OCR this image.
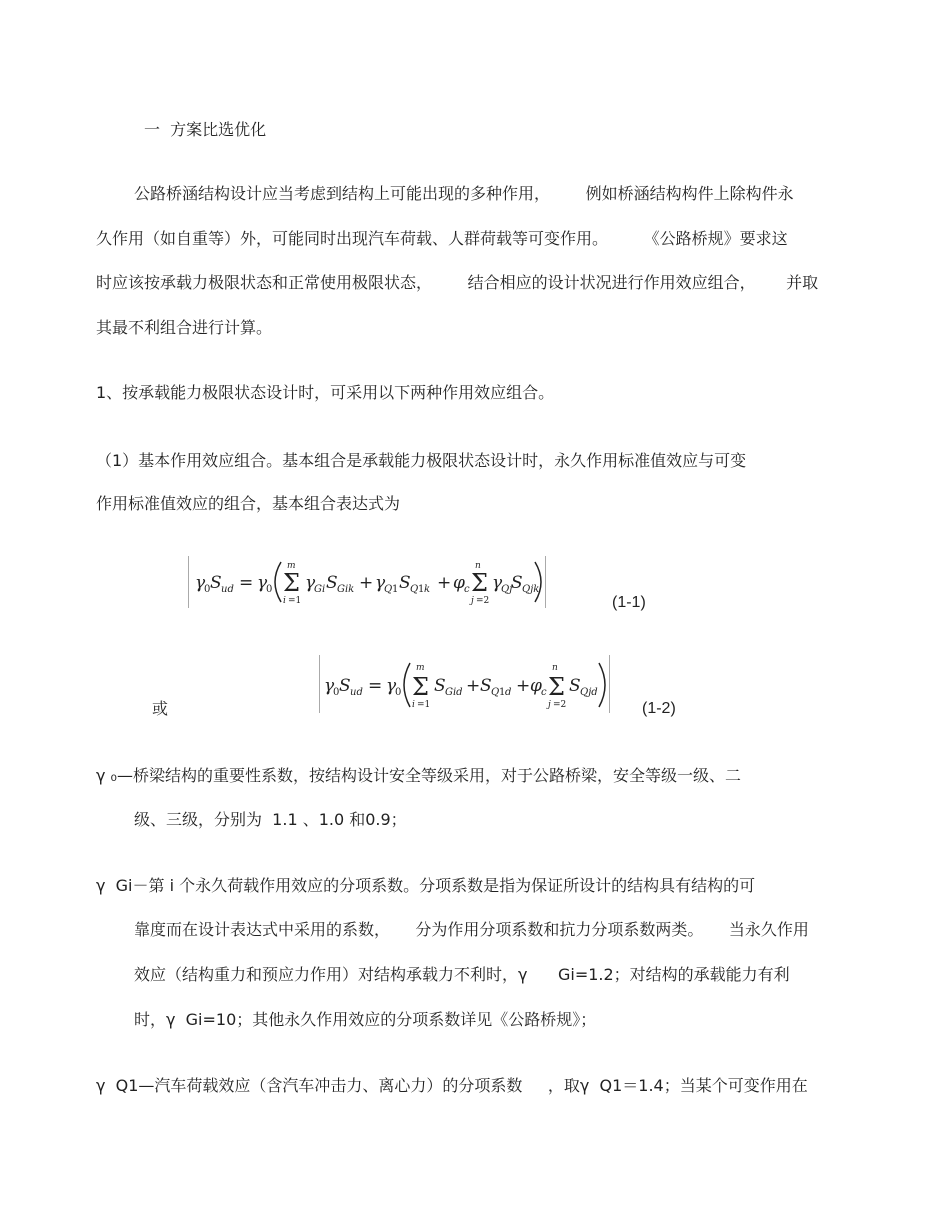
一  方案比选优化
公路桥涵结构设计应当考虑到结构上可能出现的多种作用，       例如桥涵结构构件上除构件永
久作用（如自重等）外，可能同时出现汽车荷载、人群荷载等可变作用。       《公路桥规》要求这
时应该按承载力极限状态和正常使用极限状态，       结合相应的设计状况进行作用效应组合，      并取
其最不利组合进行计算。
1、按承载能力极限状态设计时，可采用以下两种作用效应组合。
（1）基本作用效应组合。基本组合是承载能力极限状态设计时，永久作用标准值效应与可变
作用标准值效应的组合，基本组合表达式为
γ
0 S ud = γ
0
m
Σ
i =1
γ
Gi S Gik + γ
Q 1 S Q 1 k + φ c
n
Σ
j =2
γ
Qj
S Qjk
(1-1)
或
γ
0 S ud = γ
0
m
Σ
i =1
S Gid + S Q 1 d + φ c
n
Σ
j =2
S Qjd
(1-2)
γ ₀—桥梁结构的重要性系数，按结构设计安全等级采用，对于公路桥梁，安全等级一级、二
级、三级，分别为  1.1 、1.0 和0.9；
γ  Gi－第 i 个永久荷载作用效应的分项系数。分项系数是指为保证所设计的结构具有结构的可
靠度而在设计表达式中采用的系数，     分为作用分项系数和抗力分项系数两类。     当永久作用
效应（结构重力和预应力作用）对结构承载力不利时，γ      Gi=1.2；对结构的承载能力有利
时，γ  Gi=10；其他永久作用效应的分项系数详见《公路桥规》；
γ  Q1—汽车荷载效应（含汽车冲击力、离心力）的分项系数     ，取γ  Q1＝1.4；当某个可变作用在
